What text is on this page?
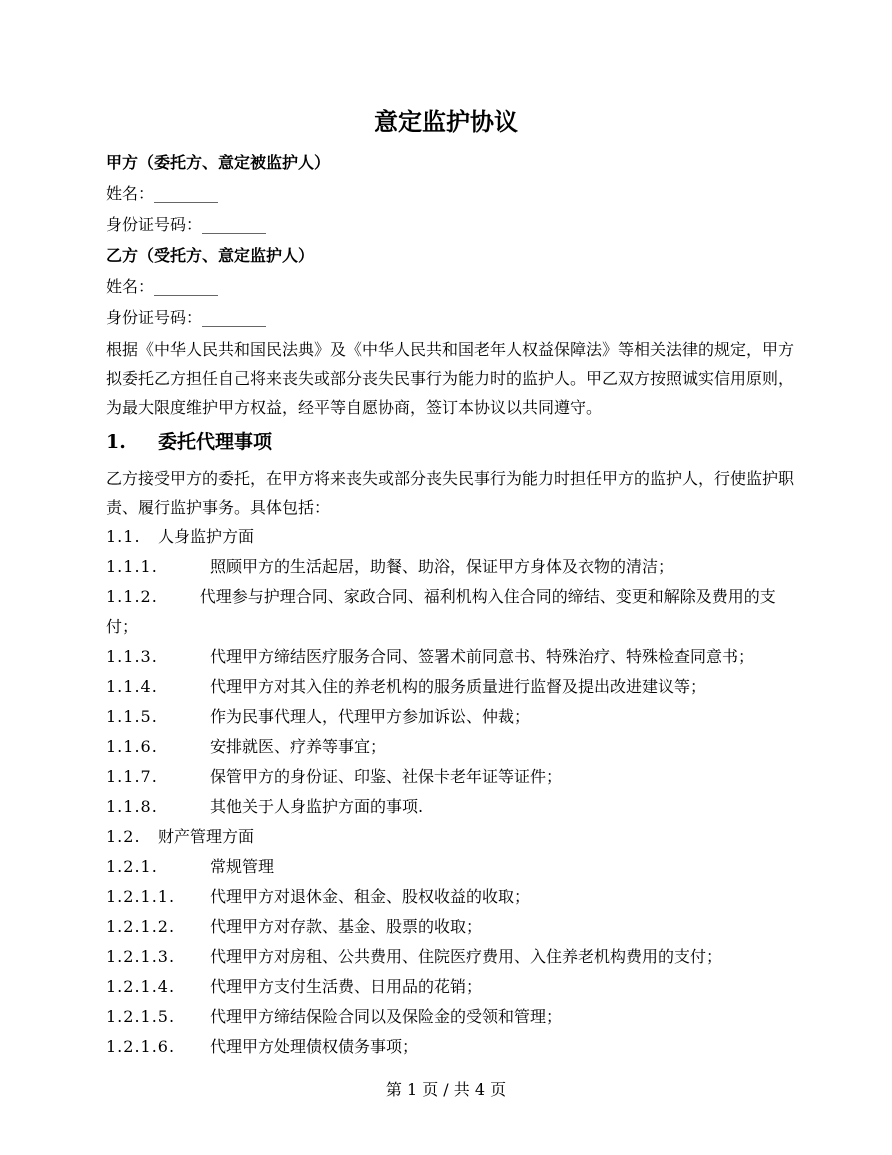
意定监护协议
甲方（委托方、意定被监护人）
姓名：________
身份证号码：________
乙方（受托方、意定监护人）
姓名：________
身份证号码：________
根据《中华人民共和国民法典》及《中华人民共和国老年人权益保障法》等相关法律的规定，甲方拟委托乙方担任自己将来丧失或部分丧失民事行为能力时的监护人。甲乙双方按照诚实信用原则，为最大限度维护甲方权益，经平等自愿协商，签订本协议以共同遵守。
1. 委托代理事项
乙方接受甲方的委托，在甲方将来丧失或部分丧失民事行为能力时担任甲方的监护人，行使监护职责、履行监护事务。具体包括：
1.1. 人身监护方面
1.1.1.	照顾甲方的生活起居，助餐、助浴，保证甲方身体及衣物的清洁；
1.1.2.	代理参与护理合同、家政合同、福利机构入住合同的缔结、变更和解除及费用的支付；
1.1.3.	代理甲方缔结医疗服务合同、签署术前同意书、特殊治疗、特殊检查同意书；
1.1.4.	代理甲方对其入住的养老机构的服务质量进行监督及提出改进建议等；
1.1.5.	作为民事代理人，代理甲方参加诉讼、仲裁；
1.1.6.	安排就医、疗养等事宜；
1.1.7.	保管甲方的身份证、印鉴、社保卡老年证等证件；
1.1.8.	其他关于人身监护方面的事项.
1.2. 财产管理方面
1.2.1.	常规管理
1.2.1.1. 代理甲方对退休金、租金、股权收益的收取；
1.2.1.2. 代理甲方对存款、基金、股票的收取；
1.2.1.3. 代理甲方对房租、公共费用、住院医疗费用、入住养老机构费用的支付；
1.2.1.4. 代理甲方支付生活费、日用品的花销；
1.2.1.5. 代理甲方缔结保险合同以及保险金的受领和管理；
1.2.1.6. 代理甲方处理债权债务事项；
第 1 页 / 共 4 页
